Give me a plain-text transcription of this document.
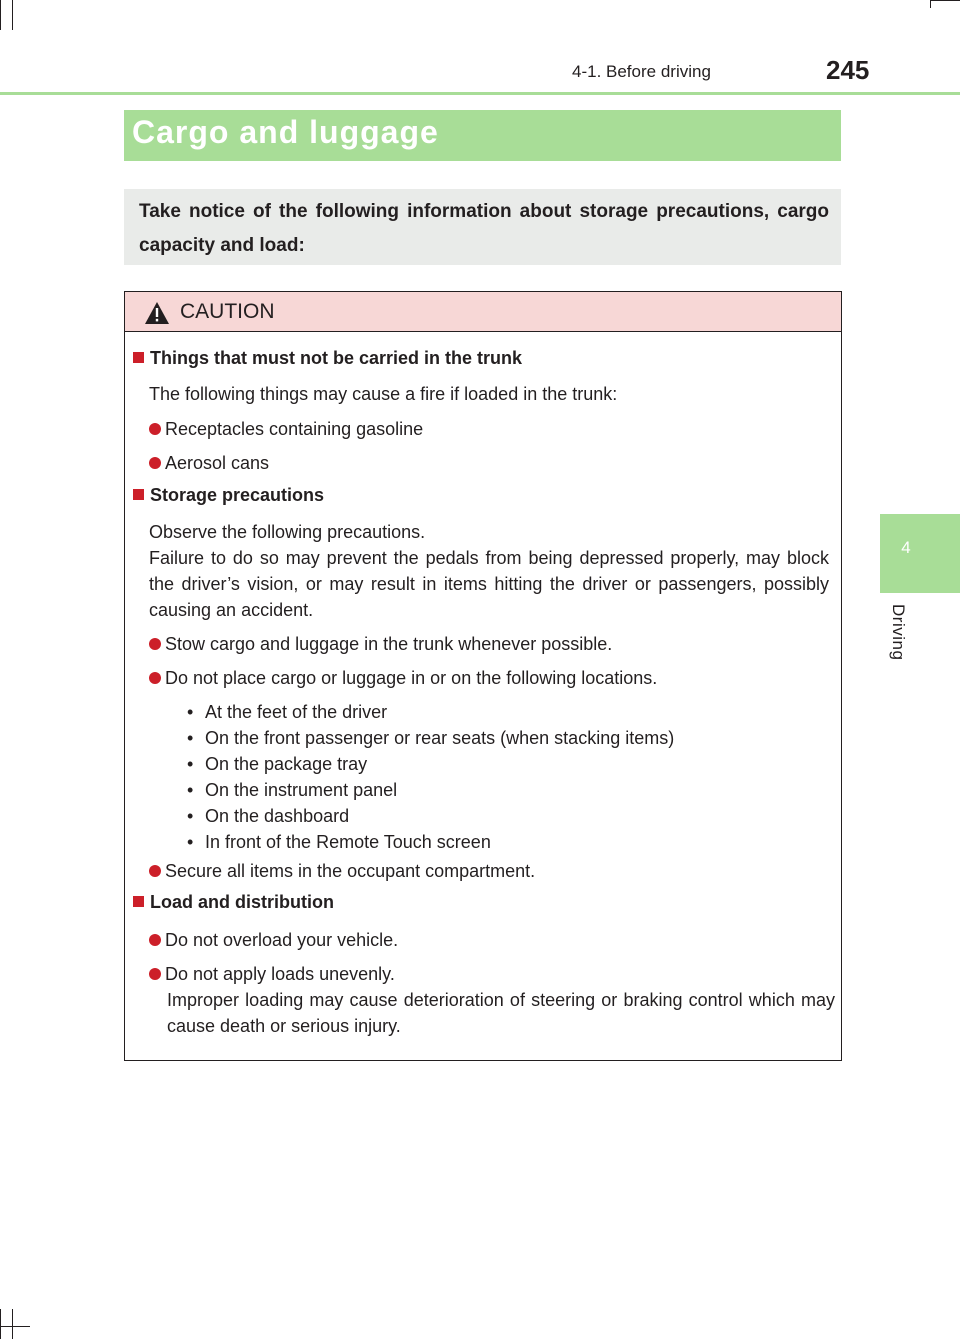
4-1. Before driving	245
4
Driving
Cargo and luggage
Take notice of the following information about storage precautions, cargo capacity and load:
CAUTION
Things that must not be carried in the trunk
The following things may cause a fire if loaded in the trunk:
Receptacles containing gasoline
Aerosol cans
Storage precautions
Observe the following precautions.
Failure to do so may prevent the pedals from being depressed properly, may block the driver’s vision, or may result in items hitting the driver or passengers, possibly causing an accident.
Stow cargo and luggage in the trunk whenever possible.
Do not place cargo or luggage in or on the following locations.
• At the feet of the driver
• On the front passenger or rear seats (when stacking items)
• On the package tray
• On the instrument panel
• On the dashboard
• In front of the Remote Touch screen
Secure all items in the occupant compartment.
Load and distribution
Do not overload your vehicle.
Do not apply loads unevenly.
Improper loading may cause deterioration of steering or braking control which may cause death or serious injury.
